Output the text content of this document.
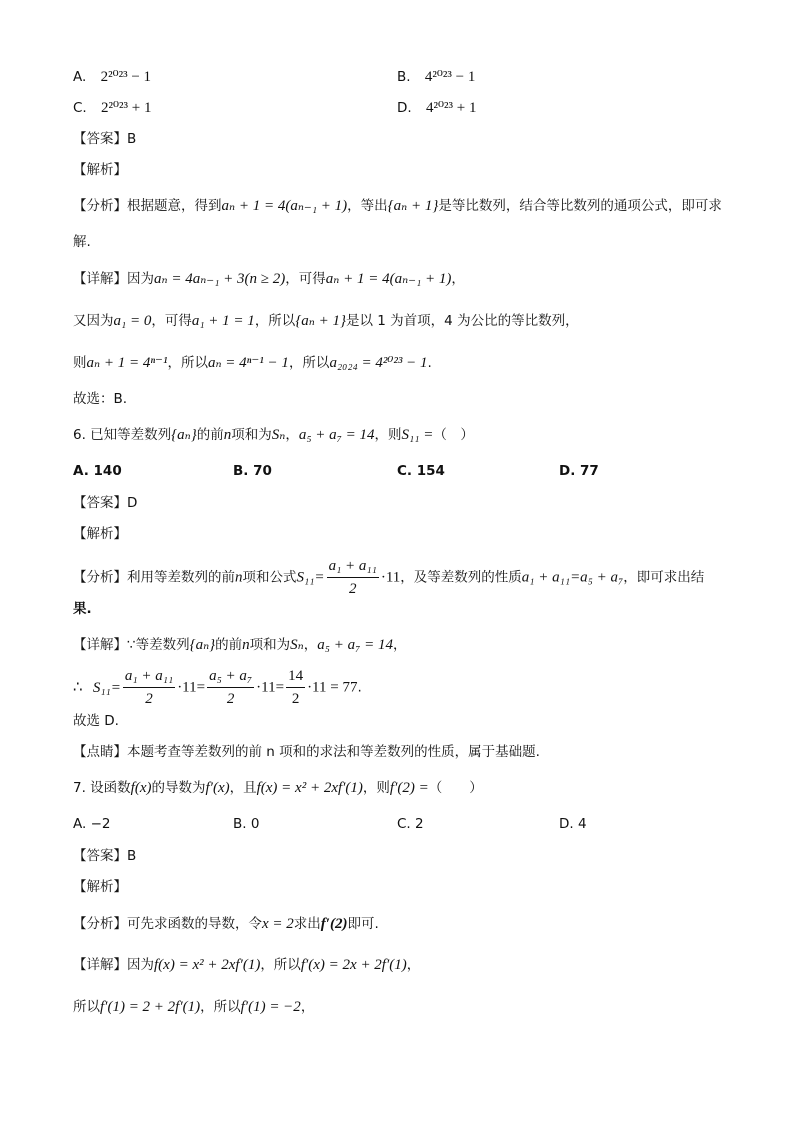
A. 2²⁰²³ − 1	B. 4²⁰²³ − 1
C. 2²⁰²³ + 1	D. 4²⁰²³ + 1
【答案】B
【解析】
【分析】根据题意，得到aₙ + 1 = 4(aₙ₋₁ + 1)，等出{aₙ + 1}是等比数列，结合等比数列的通项公式，即可求
解.
【详解】因为aₙ = 4aₙ₋₁ + 3(n ≥ 2)，可得aₙ + 1 = 4(aₙ₋₁ + 1)，
又因为a₁ = 0，可得a₁ + 1 = 1，所以{aₙ + 1}是以 1 为首项，4 为公比的等比数列，
则aₙ + 1 = 4ⁿ⁻¹，所以aₙ = 4ⁿ⁻¹ − 1，所以a₂₀₂₄ = 4²⁰²³ − 1.
故选：B.
6. 已知等差数列{aₙ}的前n项和为Sₙ，a₅ + a₇ = 14，则S₁₁ =（　）
A. 140	B. 70	C. 154	D. 77
【答案】D
【解析】
【分析】利用等差数列的前n项和公式$S_{11}= \frac{\text{a₁ + a₁₁}}{2} \cdot 11$，及等差数列的性质a₁ + a₁₁=a₅ + a₇，即可求出结
果.
【详解】∵等差数列{aₙ}的前n项和为Sₙ，a₅ + a₇ = 14，
∴ $S_{11}= \frac{\text{a₁ + a₁₁}}{2} \cdot 11= \frac{\text{a₅ + a₇}}{2} \cdot 11= \frac{14}{2} \cdot 11 = 77$.
故选 D.
【点睛】本题考查等差数列的前 n 项和的求法和等差数列的性质，属于基础题.
7. 设函数f(x)的导数为f′(x)，且f(x) = x² + 2xf′(1)，则f′(2) =（　　）
A. −2	B. 0	C. 2	D. 4
【答案】B
【解析】
【分析】可先求函数的导数，令x = 2求出f′(2)即可.
【详解】因为f(x) = x² + 2xf′(1)，所以f′(x) = 2x + 2f′(1)，
所以f′(1) = 2 + 2f′(1)，所以f′(1) = −2，
